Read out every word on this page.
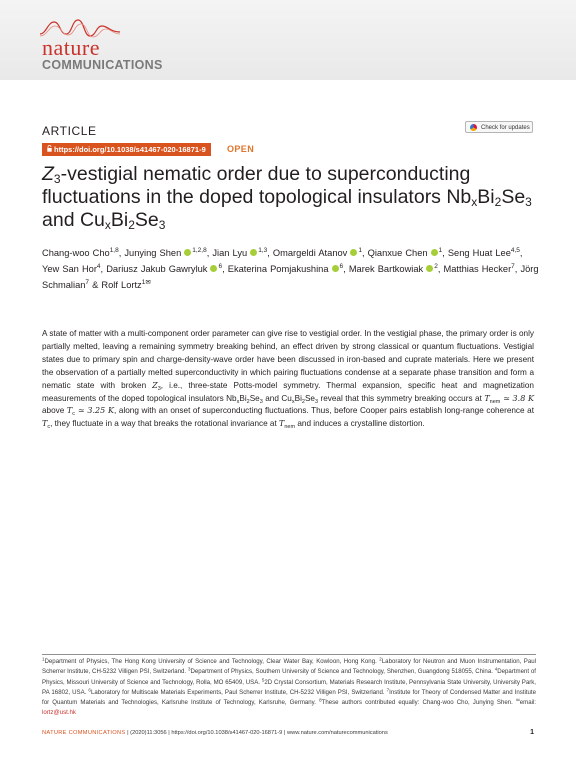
nature
COMMUNICATIONS
ARTICLE
https://doi.org/10.1038/s41467-020-16871-9	OPEN
Check for updates
$Z_3$-vestigial nematic order due to superconducting fluctuations in the doped topological insulators $Nb_xBi_2Se_3$ and $Cu_xBi_2Se_3$
Chang-woo Cho$^{1,8}$, Junying Shen $^{1,2,8}$, Jian Lyu $^{1,3}$, Omargeldi Atanov $^1$, Qianxue Chen $^1$, Seng Huat Lee$^{4,5}$, Yew San Hor$^4$, Dariusz Jakub Gawryluk $^6$, Ekaterina Pomjakushina $^6$, Marek Bartkowiak $^2$, Matthias Hecker$^7$, Jörg Schmalian$^7$ & Rolf Lortz$^{1✉}$
A state of matter with a multi-component order parameter can give rise to vestigial order. In the vestigial phase, the primary order is only partially melted, leaving a remaining symmetry breaking behind, an effect driven by strong classical or quantum fluctuations. Vestigial states due to primary spin and charge-density-wave order have been discussed in iron-based and cuprate materials. Here we present the observation of a partially melted superconductivity in which pairing fluctuations condense at a separate phase transition and form a nematic state with broken $Z_3$, i.e., three-state Potts-model symmetry. Thermal expansion, specific heat and magnetization measurements of the doped topological insulators $Nb_xBi_2Se_3$ and $Cu_xBi_2Se_3$ reveal that this symmetry breaking occurs at $T_{nem}$ ≃ 3.8 K above $T_c$ ≃ 3.25 K, along with an onset of superconducting fluctuations. Thus, before Cooper pairs establish long-range coherence at $T_c$, they fluctuate in a way that breaks the rotational invariance at $T_{nem}$ and induces a crystalline distortion.
$^1$Department of Physics, The Hong Kong University of Science and Technology, Clear Water Bay, Kowloon, Hong Kong. $^2$Laboratory for Neutron and Muon Instrumentation, Paul Scherrer Institute, CH-5232 Villigen PSI, Switzerland. $^3$Department of Physics, Southern University of Science and Technology, Shenzhen, Guangdong 518055, China. $^4$Department of Physics, Missouri University of Science and Technology, Rolla, MO 65409, USA. $^5$2D Crystal Consortium, Materials Research Institute, Pennsylvania State University, University Park, PA 16802, USA. $^6$Laboratory for Multiscale Materials Experiments, Paul Scherrer Institute, CH-5232 Villigen PSI, Switzerland. $^7$Institute for Theory of Condensed Matter and Institute for Quantum Materials and Technologies, Karlsruhe Institute of Technology, Karlsruhe, Germany. $^8$These authors contributed equally: Chang-woo Cho, Junying Shen. ✉email: lortz@ust.hk
NATURE COMMUNICATIONS | (2020)11:3056 | https://doi.org/10.1038/s41467-020-16871-9 | www.nature.com/naturecommunications	1
